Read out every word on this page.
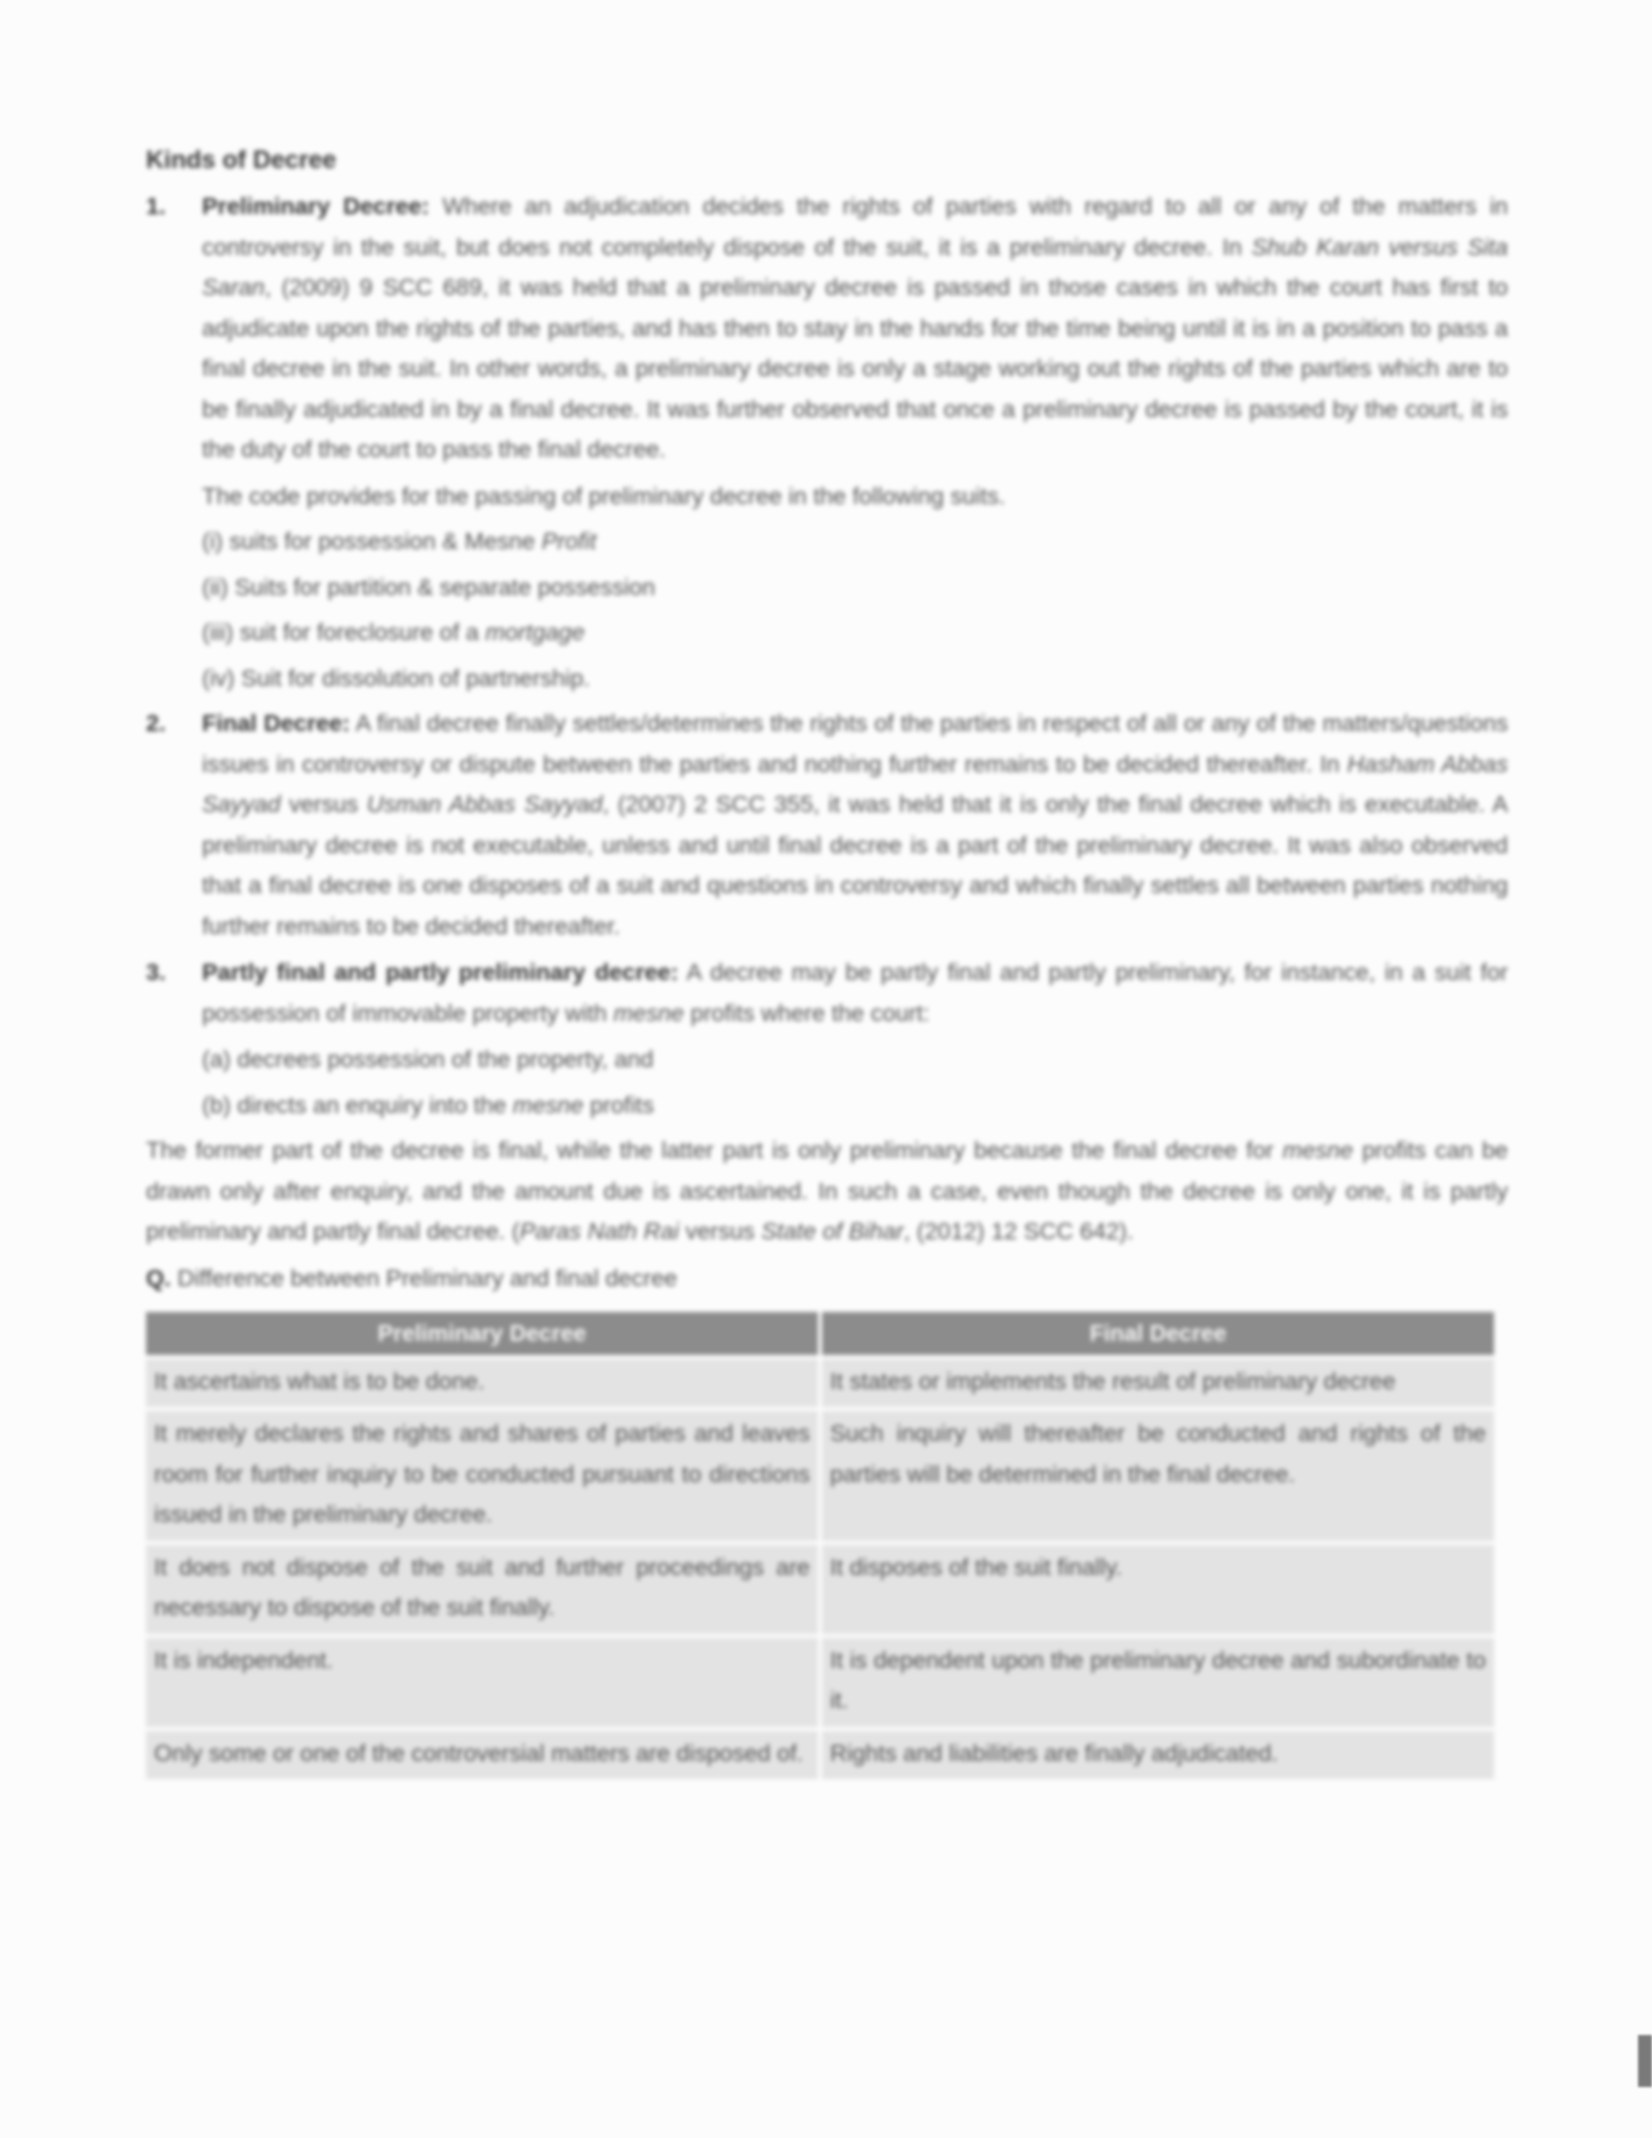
Kinds of Decree
1. Preliminary Decree: Where an adjudication decides the rights of parties with regard to all or any of the matters in controversy in the suit, but does not completely dispose of the suit, it is a preliminary decree. In Shub Karan versus Sita Saran, (2009) 9 SCC 689, it was held that a preliminary decree is passed in those cases in which the court has first to adjudicate upon the rights of the parties, and has then to stay in the hands for the time being until it is in a position to pass a final decree in the suit. In other words, a preliminary decree is only a stage working out the rights of the parties which are to be finally adjudicated in by a final decree. It was further observed that once a preliminary decree is passed by the court, it is the duty of the court to pass the final decree.

The code provides for the passing of preliminary decree in the following suits.

(i) suits for possession & Mesne Profit

(ii) Suits for partition & separate possession

(iii) suit for foreclosure of a mortgage

(iv) Suit for dissolution of partnership.

2. Final Decree: A final decree finally settles/determines the rights of the parties in respect of all or any of the matters/questions issues in controversy or dispute between the parties and nothing further remains to be decided thereafter. In Hasham Abbas Sayyad versus Usman Abbas Sayyad, (2007) 2 SCC 355, it was held that it is only the final decree which is executable. A preliminary decree is not executable, unless and until final decree is a part of the preliminary decree. It was also observed that a final decree is one disposes of a suit and questions in controversy and which finally settles all between parties nothing further remains to be decided thereafter.

3. Partly final and partly preliminary decree: A decree may be partly final and partly preliminary, for instance, in a suit for possession of immovable property with mesne profits where the court:

(a) decrees possession of the property, and

(b) directs an enquiry into the mesne profits

The former part of the decree is final, while the latter part is only preliminary because the final decree for mesne profits can be drawn only after enquiry, and the amount due is ascertained. In such a case, even though the decree is only one, it is partly preliminary and partly final decree. (Paras Nath Rai versus State of Bihar, (2012) 12 SCC 642).

Q. Difference between Preliminary and final decree

Preliminary Decree	Final Decree
It ascertains what is to be done.	It states or implements the result of preliminary decree
It merely declares the rights and shares of parties and leaves room for further inquiry to be conducted pursuant to directions issued in the preliminary decree.	Such inquiry will thereafter be conducted and rights of the parties will be determined in the final decree.
It does not dispose of the suit and further proceedings are necessary to dispose of the suit finally.	It disposes of the suit finally.
It is independent.	It is dependent upon the preliminary decree and subordinate to it.
Only some or one of the controversial matters are disposed of.	Rights and liabilities are finally adjudicated.
